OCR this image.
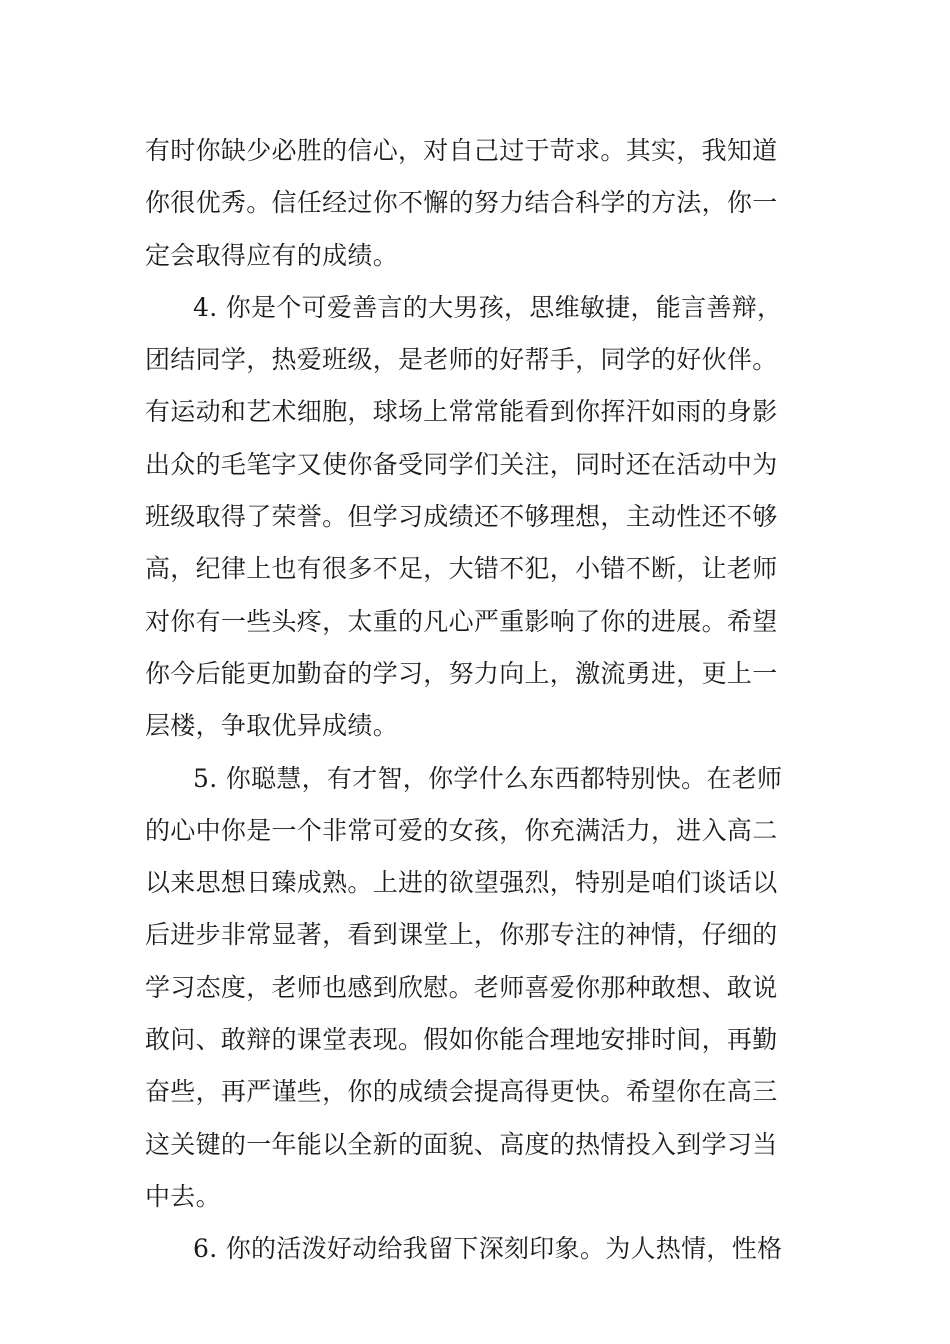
有时你缺少必胜的信心，对自己过于苛求。其实，我知道
你很优秀。信任经过你不懈的努力结合科学的方法，你一
定会取得应有的成绩。
4. 你是个可爱善言的大男孩，思维敏捷，能言善辩，
团结同学，热爱班级，是老师的好帮手，同学的好伙伴。
有运动和艺术细胞，球场上常常能看到你挥汗如雨的身影
出众的毛笔字又使你备受同学们关注，同时还在活动中为
班级取得了荣誉。但学习成绩还不够理想，主动性还不够
高，纪律上也有很多不足，大错不犯，小错不断，让老师
对你有一些头疼，太重的凡心严重影响了你的进展。希望
你今后能更加勤奋的学习，努力向上，激流勇进，更上一
层楼，争取优异成绩。
5. 你聪慧，有才智，你学什么东西都特别快。在老师
的心中你是一个非常可爱的女孩，你充满活力，进入高二
以来思想日臻成熟。上进的欲望强烈，特别是咱们谈话以
后进步非常显著，看到课堂上，你那专注的神情，仔细的
学习态度，老师也感到欣慰。老师喜爱你那种敢想、敢说
敢问、敢辩的课堂表现。假如你能合理地安排时间，再勤
奋些，再严谨些，你的成绩会提高得更快。希望你在高三
这关键的一年能以全新的面貌、高度的热情投入到学习当
中去。
6. 你的活泼好动给我留下深刻印象。为人热情，性格
